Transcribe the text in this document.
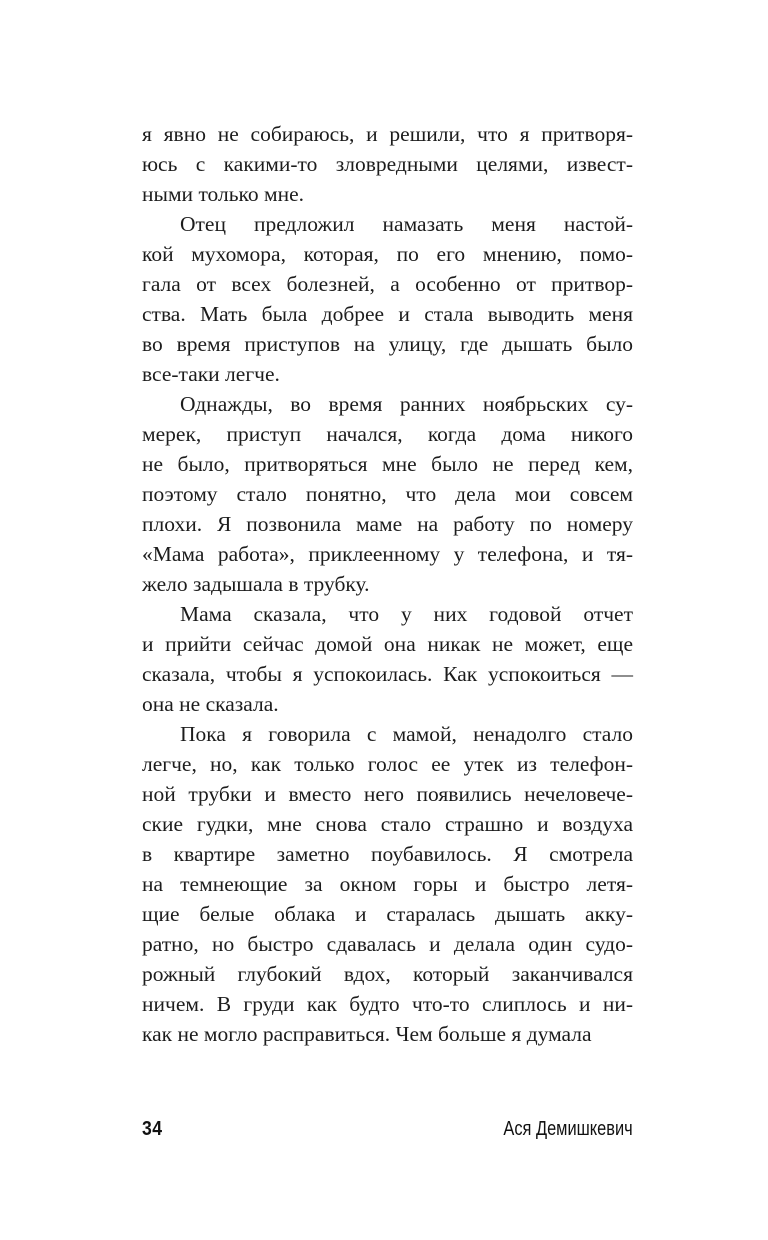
я явно не собираюсь, и решили, что я притворя-
юсь с какими-то зловредными целями, извест-
ными только мне.
Отец предложил намазать меня настой-
кой мухомора, которая, по его мнению, помо-
гала от всех болезней, а особенно от притвор-
ства. Мать была добрее и стала выводить меня
во время приступов на улицу, где дышать было
все-таки легче.
Однажды, во время ранних ноябрьских су-
мерек, приступ начался, когда дома никого
не было, притворяться мне было не перед кем,
поэтому стало понятно, что дела мои совсем
плохи. Я позвонила маме на работу по номеру
«Мама работа», приклеенному у телефона, и тя-
жело задышала в трубку.
Мама сказала, что у них годовой отчет
и прийти сейчас домой она никак не может, еще
сказала, чтобы я успокоилась. Как успокоиться —
она не сказала.
Пока я говорила с мамой, ненадолго стало
легче, но, как только голос ее утек из телефон-
ной трубки и вместо него появились нечеловече-
ские гудки, мне снова стало страшно и воздуха
в квартире заметно поубавилось. Я смотрела
на темнеющие за окном горы и быстро летя-
щие белые облака и старалась дышать акку-
ратно, но быстро сдавалась и делала один судо-
рожный глубокий вдох, который заканчивался
ничем. В груди как будто что-то слиплось и ни-
как не могло расправиться. Чем больше я думала
34	Ася Демишкевич
